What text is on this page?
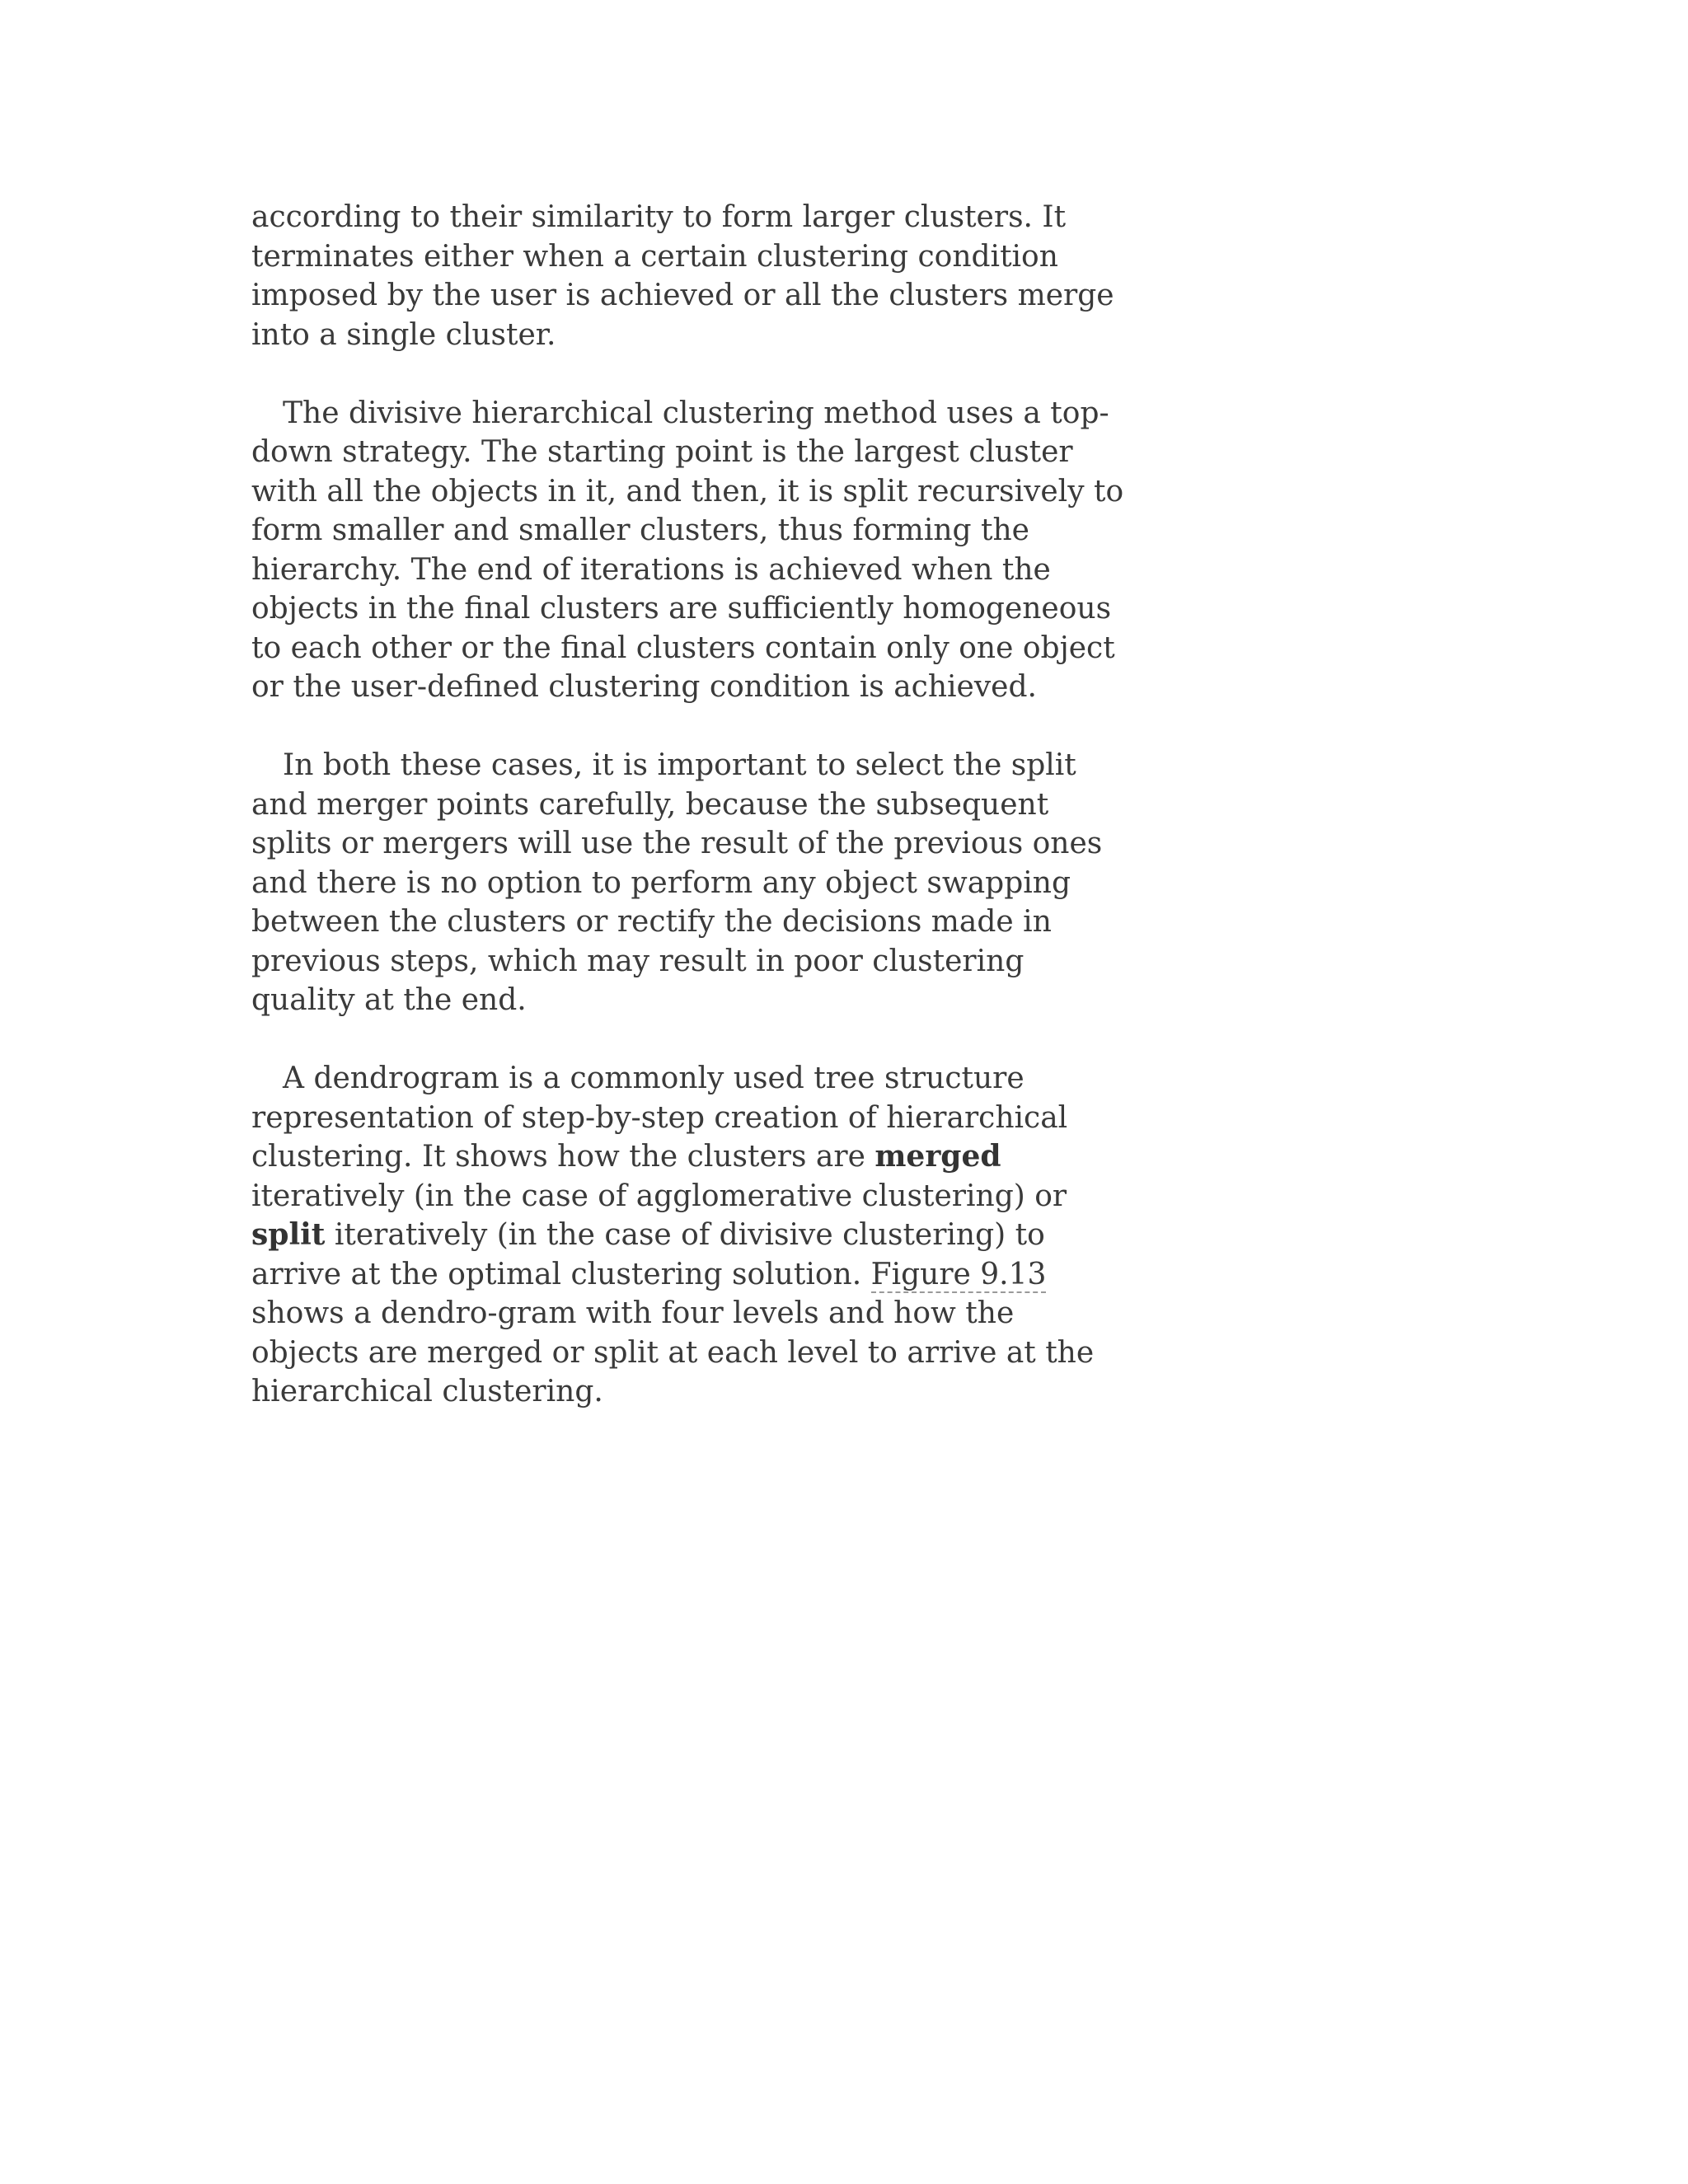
according to their similarity to form larger clusters. It
terminates either when a certain clustering condition
imposed by the user is achieved or all the clusters merge
into a single cluster.

The divisive hierarchical clustering method uses a top-
down strategy. The starting point is the largest cluster
with all the objects in it, and then, it is split recursively to
form smaller and smaller clusters, thus forming the
hierarchy. The end of iterations is achieved when the
objects in the final clusters are sufficiently homogeneous
to each other or the final clusters contain only one object
or the user-defined clustering condition is achieved.

In both these cases, it is important to select the split
and merger points carefully, because the subsequent
splits or mergers will use the result of the previous ones
and there is no option to perform any object swapping
between the clusters or rectify the decisions made in
previous steps, which may result in poor clustering
quality at the end.

A dendrogram is a commonly used tree structure
representation of step-by-step creation of hierarchical
clustering. It shows how the clusters are merged
iteratively (in the case of agglomerative clustering) or
split iteratively (in the case of divisive clustering) to
arrive at the optimal clustering solution. Figure 9.13
shows a dendro-gram with four levels and how the
objects are merged or split at each level to arrive at the
hierarchical clustering.
